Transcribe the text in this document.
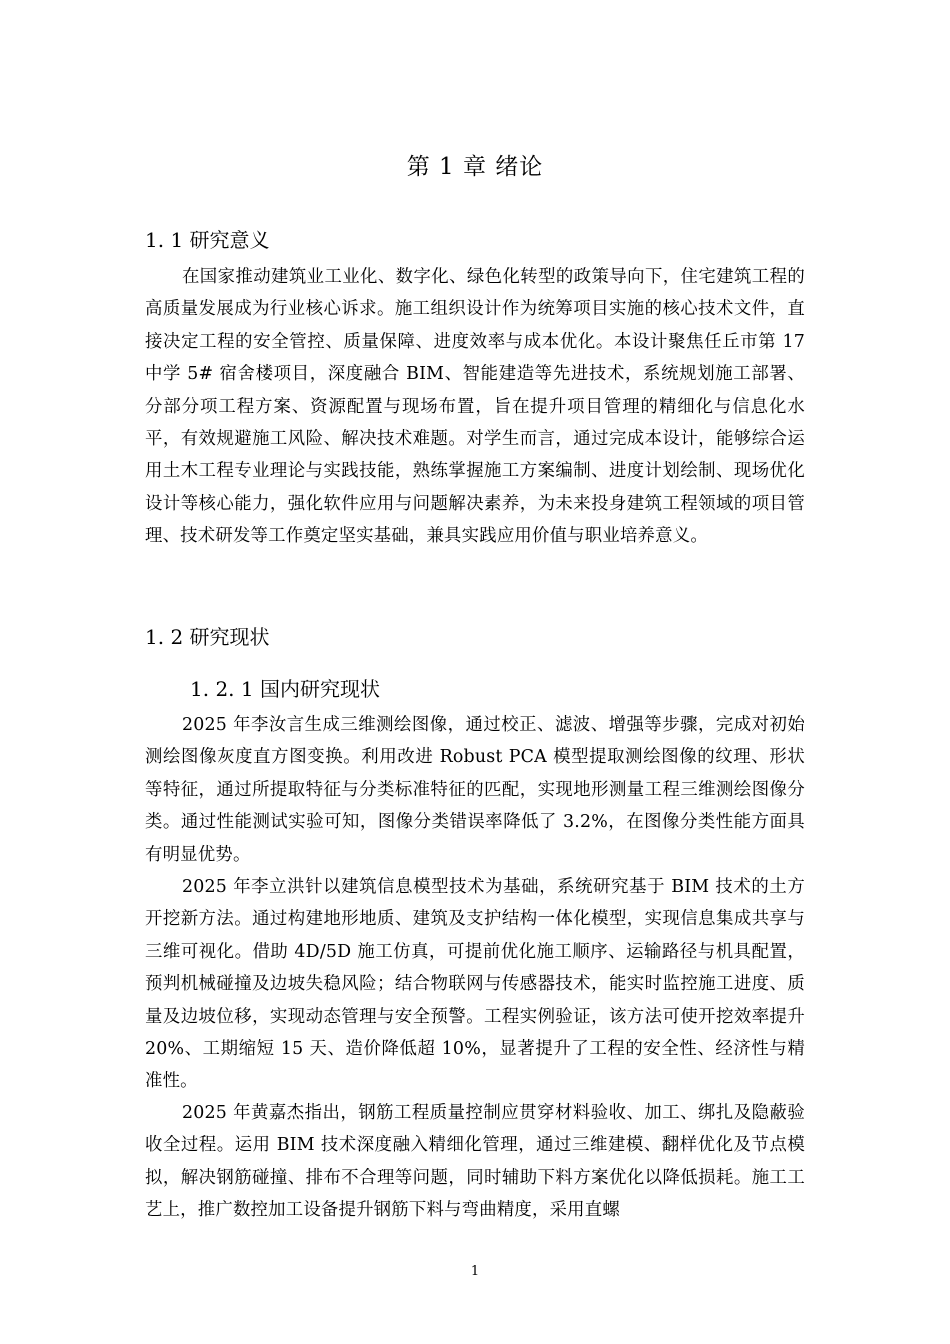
第 1 章 绪论
1. 1 研究意义

在国家推动建筑业工业化、数字化、绿色化转型的政策导向下，住宅建筑工程的高质量发展成为行业核心诉求。施工组织设计作为统筹项目实施的核心技术文件，直接决定工程的安全管控、质量保障、进度效率与成本优化。本设计聚焦任丘市第 17 中学 5# 宿舍楼项目，深度融合 BIM、智能建造等先进技术，系统规划施工部署、分部分项工程方案、资源配置与现场布置，旨在提升项目管理的精细化与信息化水平，有效规避施工风险、解决技术难题。对学生而言，通过完成本设计，能够综合运用土木工程专业理论与实践技能，熟练掌握施工方案编制、进度计划绘制、现场优化设计等核心能力，强化软件应用与问题解决素养，为未来投身建筑工程领域的项目管理、技术研发等工作奠定坚实基础，兼具实践应用价值与职业培养意义。

1. 2 研究现状
1. 2. 1 国内研究现状

2025 年李汝言生成三维测绘图像，通过校正、滤波、增强等步骤，完成对初始测绘图像灰度直方图变换。利用改进 Robust PCA 模型提取测绘图像的纹理、形状等特征，通过所提取特征与分类标准特征的匹配，实现地形测量工程三维测绘图像分类。通过性能测试实验可知，图像分类错误率降低了 3.2%，在图像分类性能方面具有明显优势。

2025 年李立洪针以建筑信息模型技术为基础，系统研究基于 BIM 技术的土方开挖新方法。通过构建地形地质、建筑及支护结构一体化模型，实现信息集成共享与三维可视化。借助 4D/5D 施工仿真，可提前优化施工顺序、运输路径与机具配置，预判机械碰撞及边坡失稳风险；结合物联网与传感器技术，能实时监控施工进度、质量及边坡位移，实现动态管理与安全预警。工程实例验证，该方法可使开挖效率提升 20%、工期缩短 15 天、造价降低超 10%，显著提升了工程的安全性、经济性与精准性。

2025 年黄嘉杰指出，钢筋工程质量控制应贯穿材料验收、加工、绑扎及隐蔽验收全过程。运用 BIM 技术深度融入精细化管理，通过三维建模、翻样优化及节点模拟，解决钢筋碰撞、排布不合理等问题，同时辅助下料方案优化以降低损耗。施工工艺上，推广数控加工设备提升钢筋下料与弯曲精度，采用直螺

1
